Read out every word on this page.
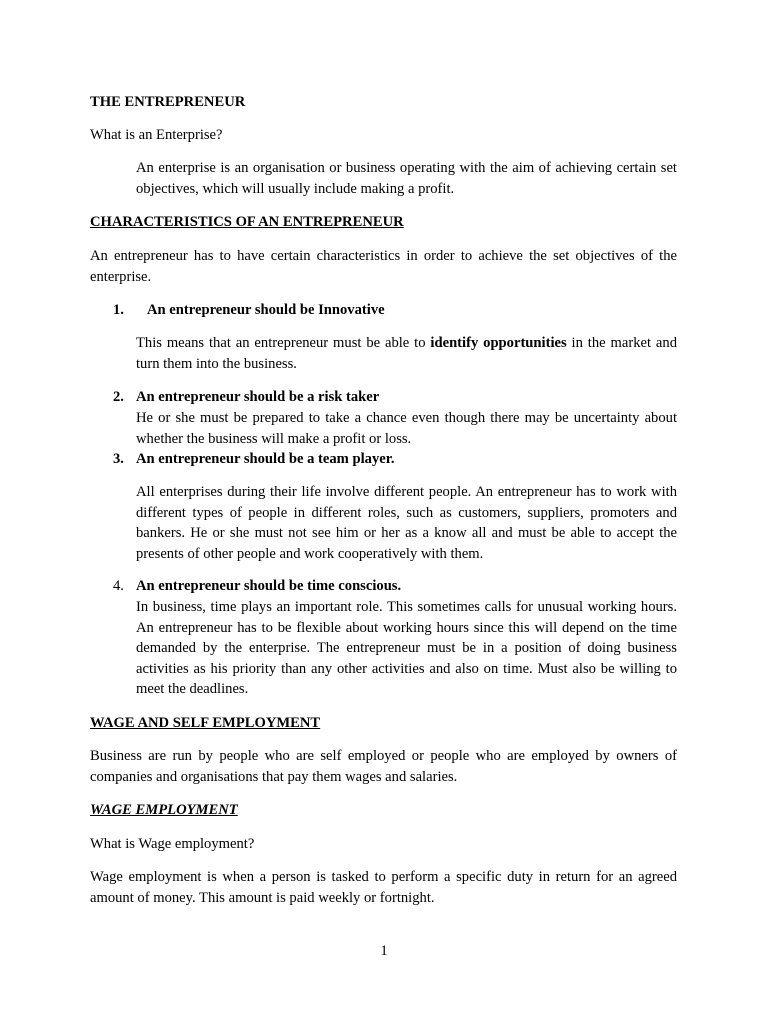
THE ENTREPRENEUR

What is an Enterprise?

An enterprise is an organisation or business operating with the aim of achieving certain set objectives, which will usually include making a profit.

CHARACTERISTICS OF AN ENTREPRENEUR

An entrepreneur has to have certain characteristics in order to achieve the set objectives of the enterprise.

1. An entrepreneur should be Innovative

This means that an entrepreneur must be able to identify opportunities in the market and turn them into the business.

2. An entrepreneur should be a risk taker

He or she must be prepared to take a chance even though there may be uncertainty about whether the business will make a profit or loss.

3. An entrepreneur should be a team player.

All enterprises during their life involve different people. An entrepreneur has to work with different types of people in different roles, such as customers, suppliers, promoters and bankers. He or she must not see him or her as a know all and must be able to accept the presents of other people and work cooperatively with them.

4. An entrepreneur should be time conscious.

In business, time plays an important role. This sometimes calls for unusual working hours. An entrepreneur has to be flexible about working hours since this will depend on the time demanded by the enterprise. The entrepreneur must be in a position of doing business activities as his priority than any other activities and also on time. Must also be willing to meet the deadlines.

WAGE AND SELF EMPLOYMENT

Business are run by people who are self employed or people who are employed by owners of companies and organisations that pay them wages and salaries.

WAGE EMPLOYMENT

What is Wage employment?

Wage employment is when a person is tasked to perform a specific duty in return for an agreed amount of money. This amount is paid weekly or fortnight.

1
